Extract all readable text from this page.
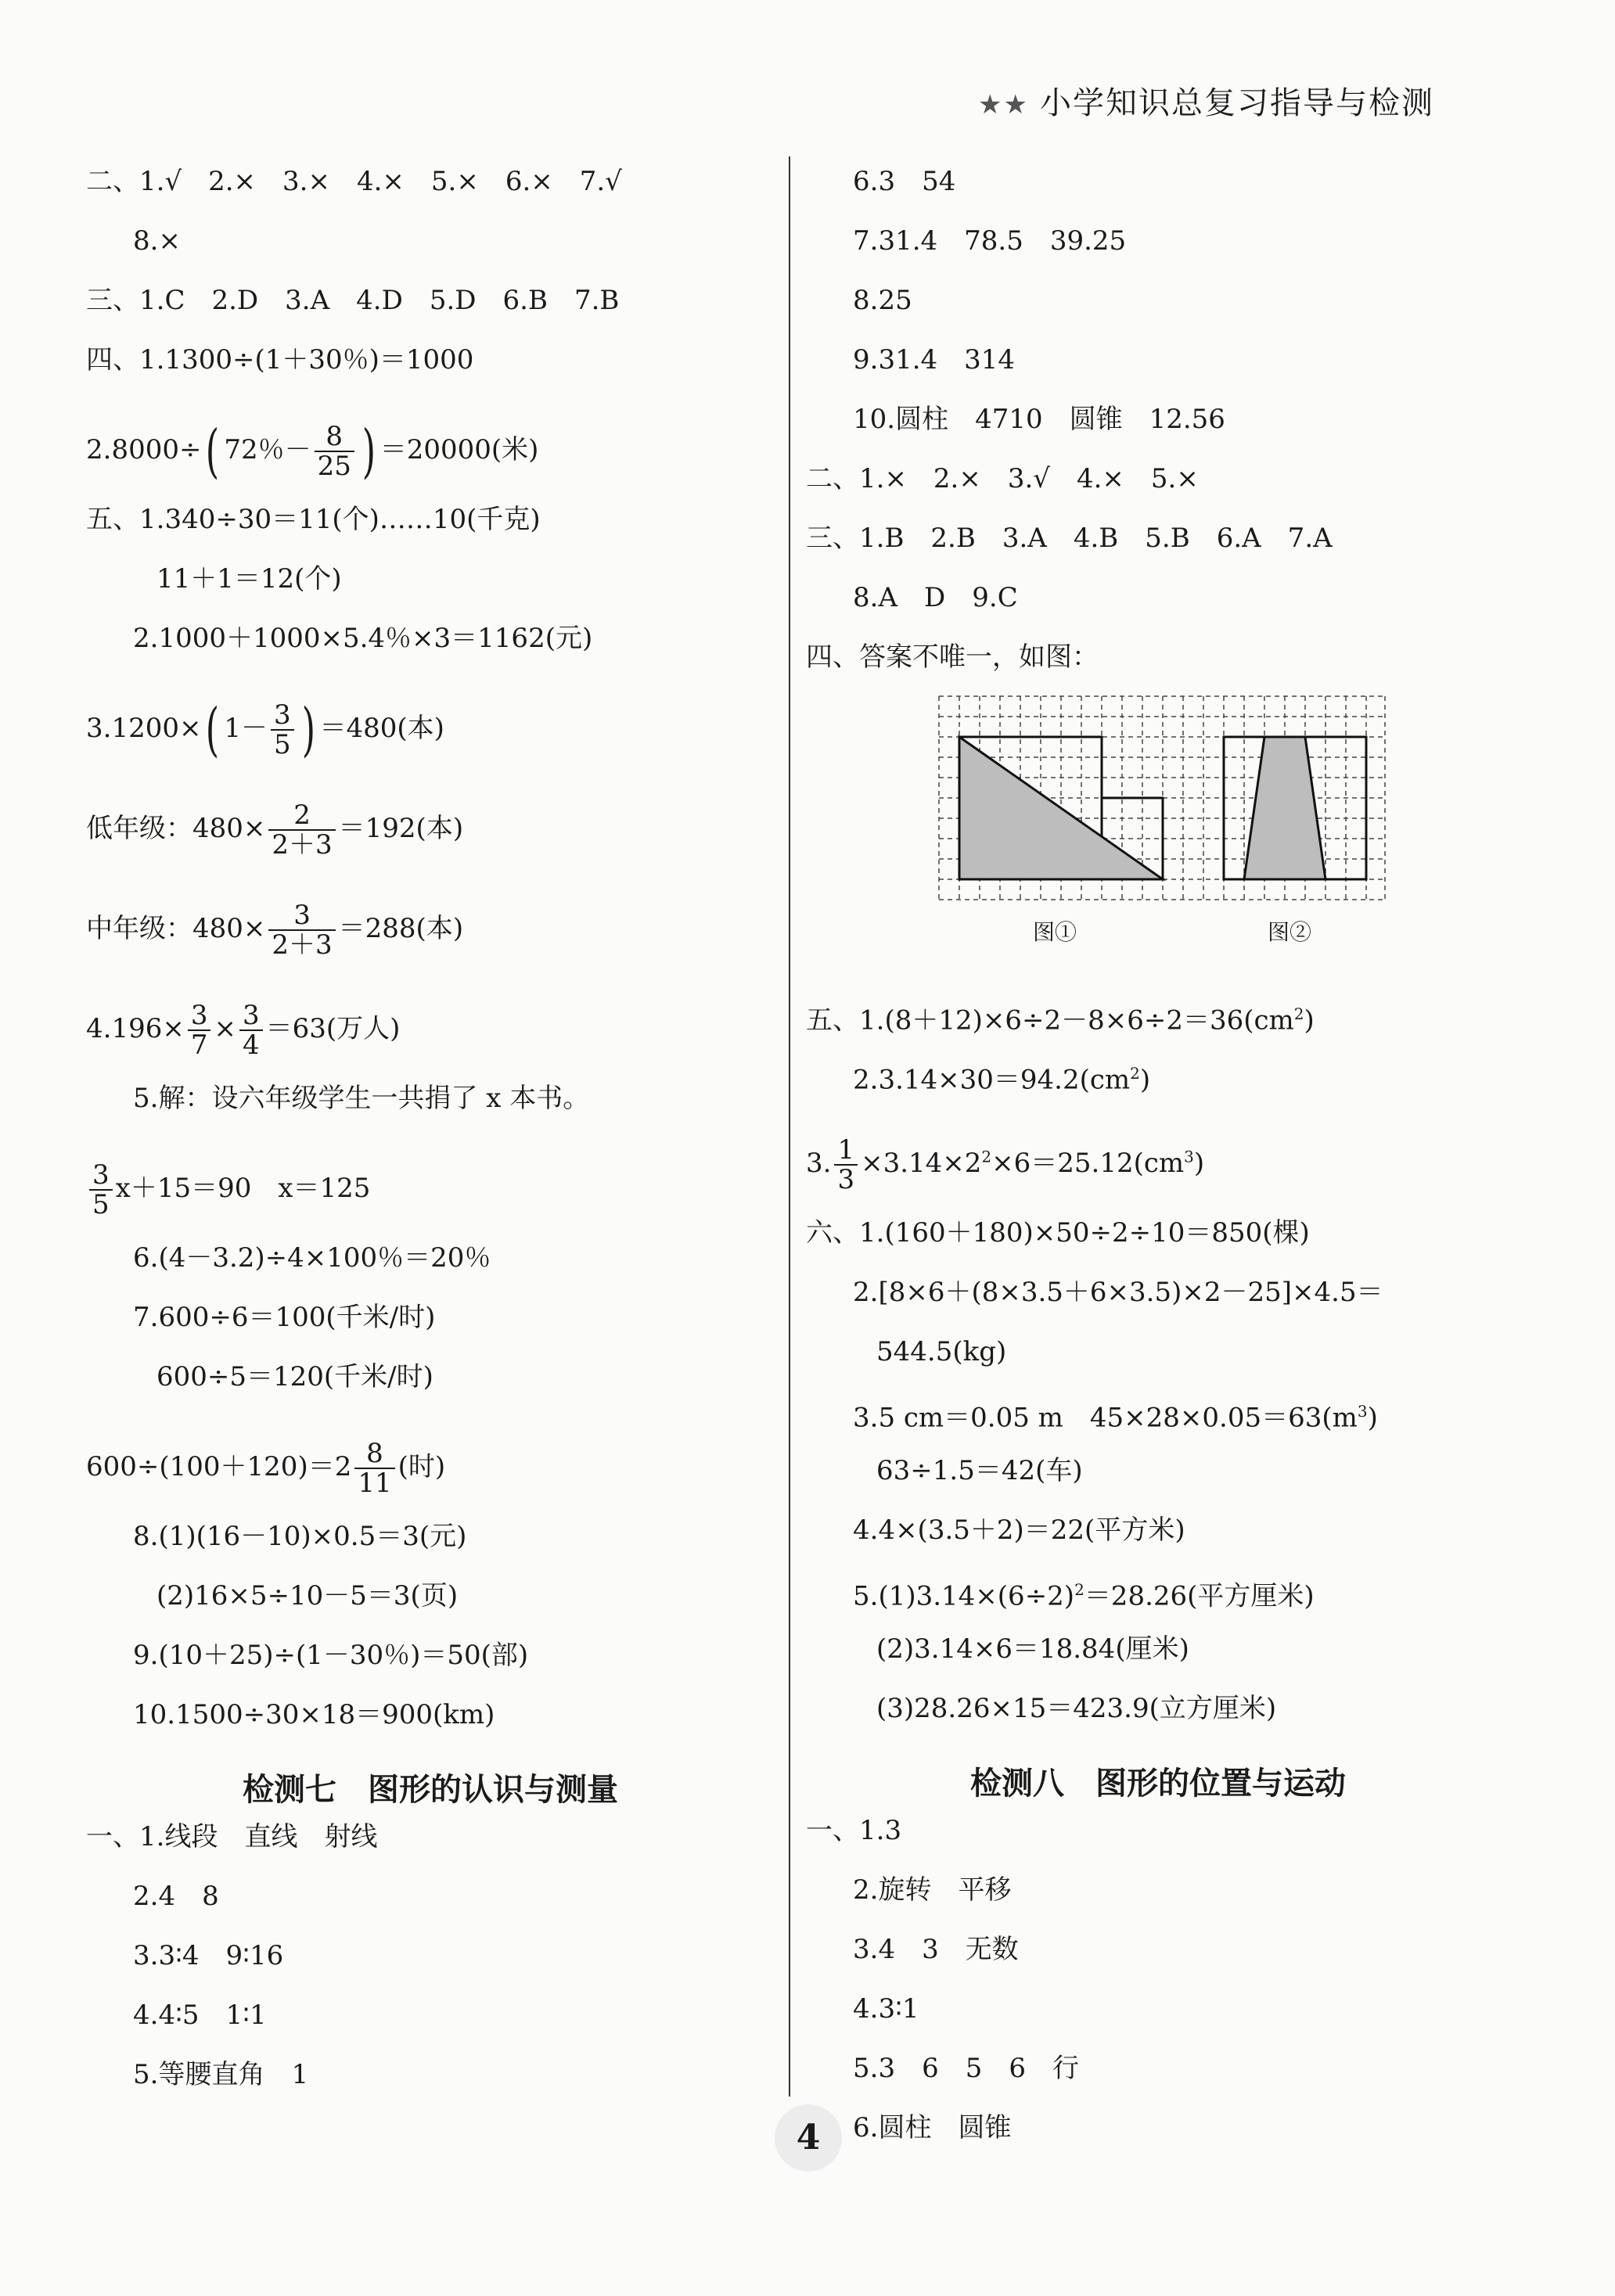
★★ 小学知识总复习指导与检测
二、1.√　2.×　3.×　4.×　5.×　6.×　7.√
8.×
三、1.C　2.D　3.A　4.D　5.D　6.B　7.B
四、1.1300÷(1＋30％)＝1000
2.8000÷( 72％－ $\frac{8}{25}$ ) ＝20000(米)
五、1.340÷30＝11(个)……10(千克)
11＋1＝12(个)
2.1000＋1000×5.4％×3＝1162(元)
3.1200×( $1- \frac{3}{5}$ ) ＝480(本)
低年级：$480\times \frac{2}{2+3} =192$(本)
中年级：$480\times \frac{3}{2+3} =288$(本)
$4.196\times \frac{3}{7} \times \frac{3}{4} =63$(万人)
5.解：设六年级学生一共捐了 x 本书。
$\frac{3}{5} x+15=90$　x＝125
6.(4－3.2)÷4×100％＝20％
7.600÷6＝100(千米/时)
600÷5＝120(千米/时)
$600\div(100+120)=2 \frac{8}{11}$ (时)
8.(1)(16－10)×0.5＝3(元)
(2)16×5÷10－5＝3(页)
9.(10＋25)÷(1－30％)＝50(部)
10.1500÷30×18＝900(km)
检测七　图形的认识与测量
一、1.线段　直线　射线
2.4　8
3.3∶4　9∶16
4.4∶5　1∶1
5.等腰直角　1
6.3　54
7.31.4　78.5　39.25
8.25
9.31.4　314
10.圆柱　4710　圆锥　12.56
二、1.×　2.×　3.√　4.×　5.×
三、1.B　2.B　3.A　4.B　5.B　6.A　7.A
8.A　D　9.C
四、答案不唯一，如图：
五、$1.(8+12)\times 6\div 2-8\times 6\div 2=36(cm^2)$
$2.3.14\times 30=94.2(cm^2)$
3. $\frac{1}{3} \times 3.14\times 2^2\times 6=25.12(cm^3)$
六、1.(160＋180)×50÷2÷10＝850(棵)
2.[8×6＋(8×3.5＋6×3.5)×2－25]×4.5＝
544.5(kg)
3.5 cm＝0.05 m　$45\times 28\times 0.05=63(m^3)$
63÷1.5＝42(车)
4.4×(3.5＋2)＝22(平方米)
$5.(1)3.14\times(6\div 2)^2=28.26$(平方厘米)
(2)3.14×6＝18.84(厘米)
(3)28.26×15＝423.9(立方厘米)
检测八　图形的位置与运动
一、1.3
2.旋转　平移
3.4　3　无数
4.3∶1
5.3　6　5　6　行
6.圆柱　圆锥
图①	图②
4
